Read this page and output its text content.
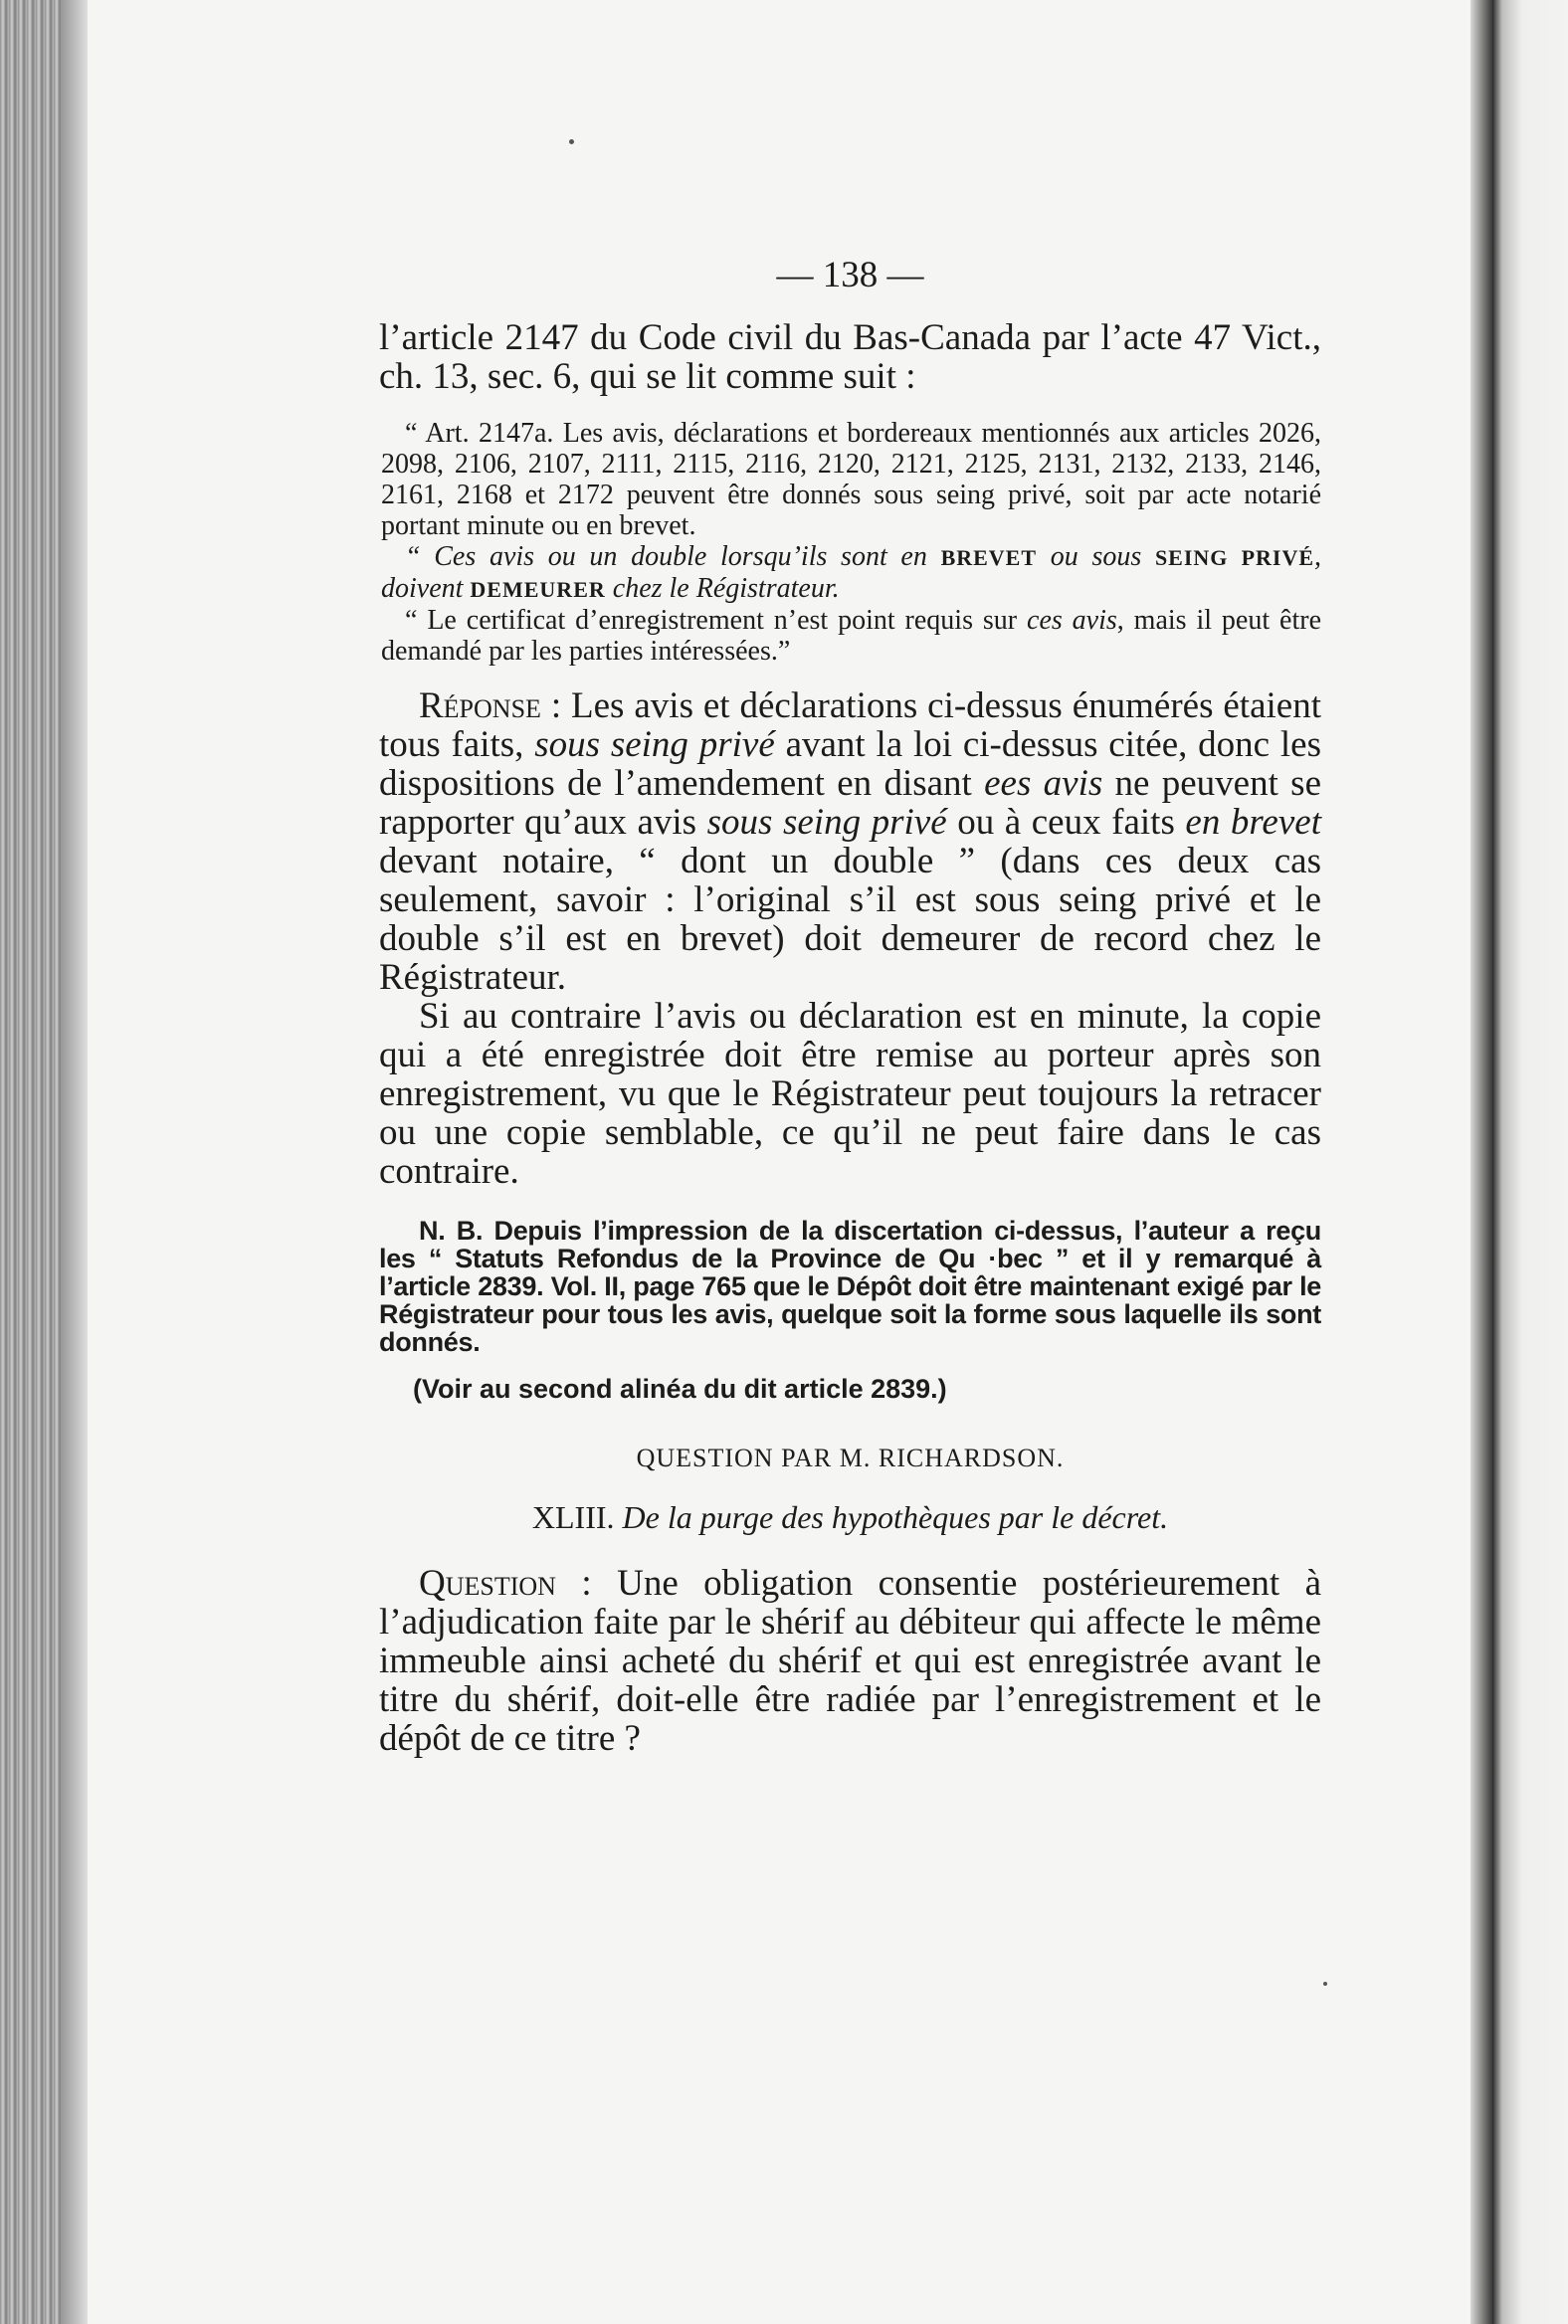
— 138 —

l’article 2147 du Code civil du Bas-Canada par l’acte 47 Vict., ch. 13, sec. 6, qui se lit comme suit :

“ Art. 2147a. Les avis, déclarations et bordereaux mentionnés aux articles 2026, 2098, 2106, 2107, 2111, 2115, 2116, 2120, 2121, 2125, 2131, 2132, 2133, 2146, 2161, 2168 et 2172 peuvent être donnés sous seing privé, soit par acte notarié portant minute ou en brevet.
“ Ces avis ou un double lorsqu’ils sont en BREVET ou sous SEING PRIVÉ, doivent DEMEURER chez le Régistrateur.
“ Le certificat d’enregistrement n’est point requis sur ces avis, mais il peut être demandé par les parties intéressées.”

Réponse : Les avis et déclarations ci-dessus énumérés étaient tous faits, sous seing privé avant la loi ci-dessus citée, donc les dispositions de l’amendement en disant ees avis ne peuvent se rapporter qu’aux avis sous seing privé ou à ceux faits en brevet devant notaire, “ dont un double ” (dans ces deux cas seulement, savoir : l’original s’il est sous seing privé et le double s’il est en brevet) doit demeurer de record chez le Régistrateur.

Si au contraire l’avis ou déclaration est en minute, la copie qui a été enregistrée doit être remise au porteur après son enregistrement, vu que le Régistrateur peut toujours la retracer ou une copie semblable, ce qu’il ne peut faire dans le cas contraire.

N. B. Depuis l’impression de la discertation ci-dessus, l’auteur a reçu les “ Statuts Refondus de la Province de Qu ·bec ” et il y remarqué à l’article 2839. Vol. II, page 765 que le Dépôt doit être maintenant exigé par le Régistrateur pour tous les avis, quelque soit la forme sous laquelle ils sont donnés.

(Voir au second alinéa du dit article 2839.)

QUESTION PAR M. RICHARDSON.

XLIII. De la purge des hypothèques par le décret.

Question : Une obligation consentie postérieurement à l’adjudication faite par le shérif au débiteur qui affecte le même immeuble ainsi acheté du shérif et qui est enregistrée avant le titre du shérif, doit-elle être radiée par l’enregistrement et le dépôt de ce titre ?
